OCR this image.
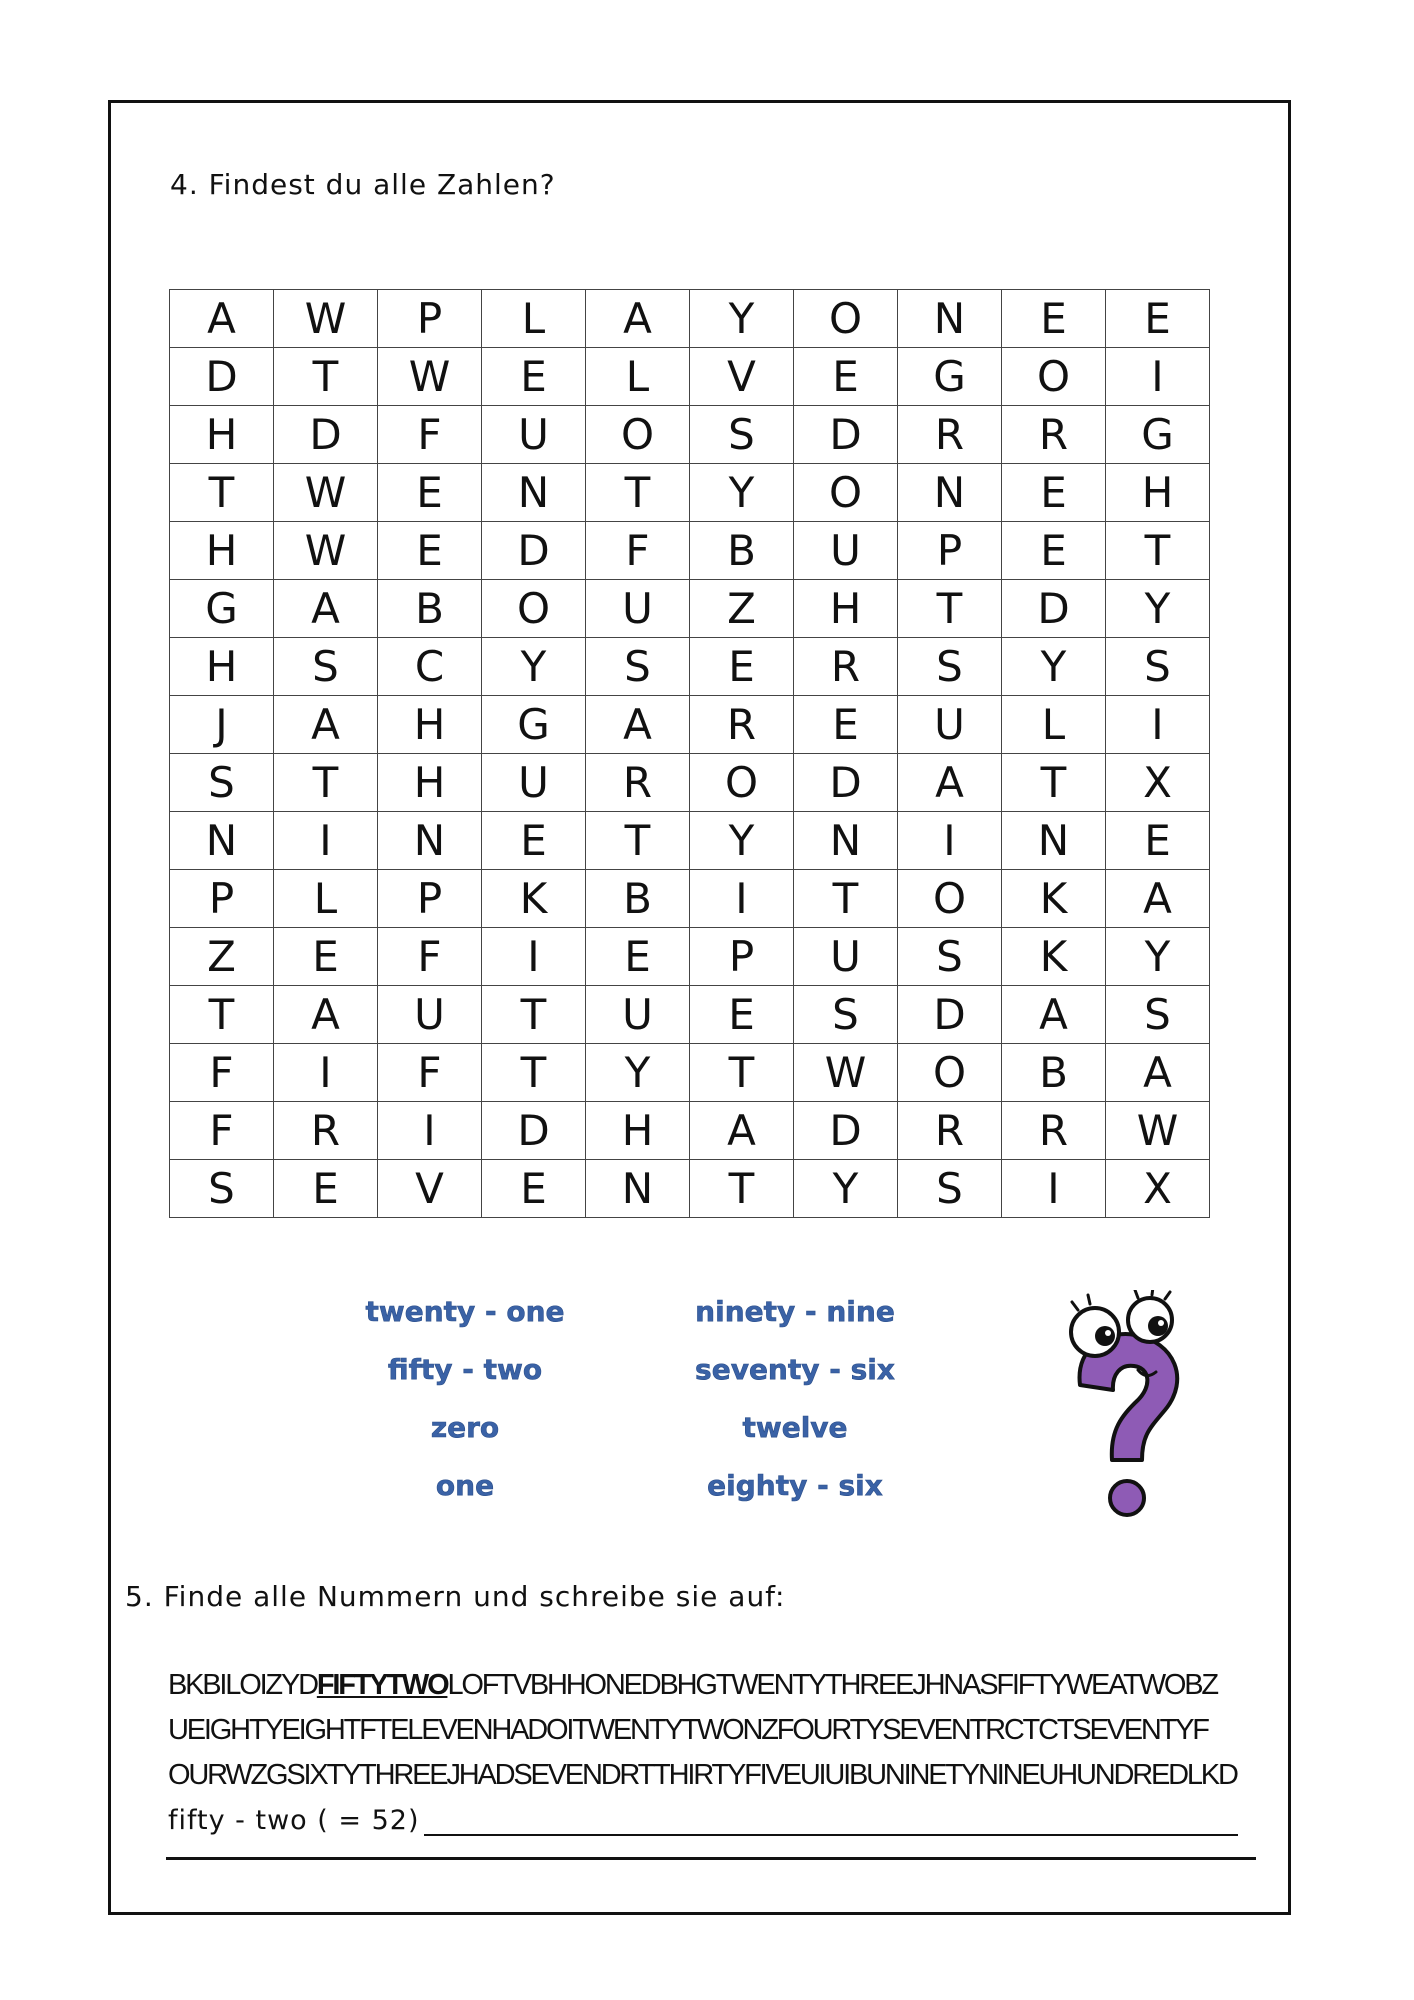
4. Findest du alle Zahlen?
A	W	P	L	A	Y	O	N	E	E
D	T	W	E	L	V	E	G	O	I
H	D	F	U	O	S	D	R	R	G
T	W	E	N	T	Y	O	N	E	H
H	W	E	D	F	B	U	P	E	T
G	A	B	O	U	Z	H	T	D	Y
H	S	C	Y	S	E	R	S	Y	S
J	A	H	G	A	R	E	U	L	I
S	T	H	U	R	O	D	A	T	X
N	I	N	E	T	Y	N	I	N	E
P	L	P	K	B	I	T	O	K	A
Z	E	F	I	E	P	U	S	K	Y
T	A	U	T	U	E	S	D	A	S
F	I	F	T	Y	T	W	O	B	A
F	R	I	D	H	A	D	R	R	W
S	E	V	E	N	T	Y	S	I	X
twenty - one
fifty - two
zero
one
ninety - nine
seventy - six
twelve
eighty - six
5. Finde alle Nummern und schreibe sie auf:
BKBILOIZYDFIFTYTWOLOFTVBHHONEDBHGTWENTYTHREEJHNASFIFTYWEATWOBZ
UEIGHTYEIGHTFTELEVENHADOITWENTYTWONZFOURTYSEVENTRCTCTSEVENTYF
OURWZGSIXTYTHREEJHADSEVENDRTTHIRTYFIVEUIUIBUNINETYNINEUHUNDREDLKD
fifty - two ( = 52)
